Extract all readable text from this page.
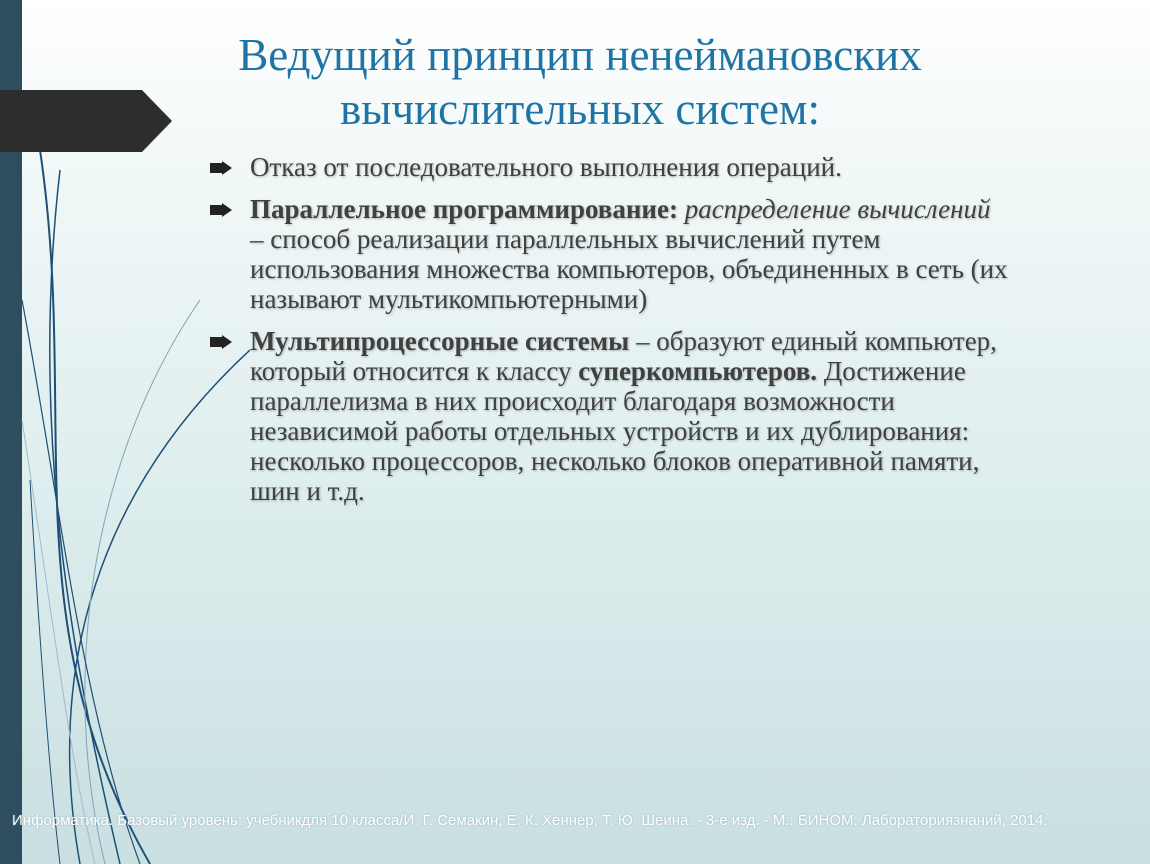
Ведущий принцип ненеймановских вычислительных систем:
Отказ от последовательного выполнения операций.
Параллельное программирование: распределение вычислений – способ реализации параллельных вычислений путем использования множества компьютеров, объединенных в сеть (их называют мультикомпьютерными)
Мультипроцессорные системы – образуют единый компьютер, который относится к классу суперкомпьютеров. Достижение параллелизма в них происходит благодаря возможности независимой работы отдельных устройств и их дублирования: несколько процессоров, несколько блоков оперативной памяти, шин и т.д.

Информатика. Базовый уровень: учебникдля 10 класса/И. Г. Семакин, Е. К. Хеннер, Т. Ю. Шеина. - 3-е изд. - М.: БИНОМ. Лабораториязнаний, 2014.
